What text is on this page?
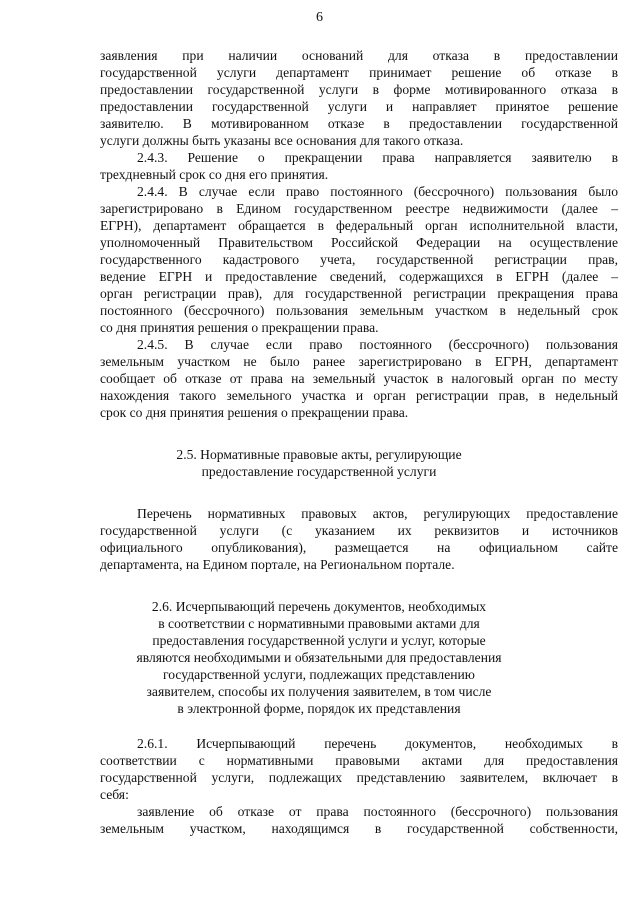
6
заявления при наличии оснований для отказа в предоставлении
государственной услуги департамент принимает решение об отказе в
предоставлении государственной услуги в форме мотивированного отказа в
предоставлении государственной услуги и направляет принятое решение
заявителю. В мотивированном отказе в предоставлении государственной
услуги должны быть указаны все основания для такого отказа.
2.4.3. Решение о прекращении права направляется заявителю в
трехдневный срок со дня его принятия.
2.4.4. В случае если право постоянного (бессрочного) пользования было
зарегистрировано в Едином государственном реестре недвижимости (далее –
ЕГРН), департамент обращается в федеральный орган исполнительной власти,
уполномоченный Правительством Российской Федерации на осуществление
государственного кадастрового учета, государственной регистрации прав,
ведение ЕГРН и предоставление сведений, содержащихся в ЕГРН (далее –
орган регистрации прав), для государственной регистрации прекращения права
постоянного (бессрочного) пользования земельным участком в недельный срок
со дня принятия решения о прекращении права.
2.4.5. В случае если право постоянного (бессрочного) пользования
земельным участком не было ранее зарегистрировано в ЕГРН, департамент
сообщает об отказе от права на земельный участок в налоговый орган по месту
нахождения такого земельного участка и орган регистрации прав, в недельный
срок со дня принятия решения о прекращении права.
2.5. Нормативные правовые акты, регулирующие
предоставление государственной услуги
Перечень нормативных правовых актов, регулирующих предоставление
государственной услуги (с указанием их реквизитов и источников
официального опубликования), размещается на официальном сайте
департамента, на Едином портале, на Региональном портале.
2.6. Исчерпывающий перечень документов, необходимых
в соответствии с нормативными правовыми актами для
предоставления государственной услуги и услуг, которые
являются необходимыми и обязательными для предоставления
государственной услуги, подлежащих представлению
заявителем, способы их получения заявителем, в том числе
в электронной форме, порядок их представления
2.6.1. Исчерпывающий перечень документов, необходимых в
соответствии с нормативными правовыми актами для предоставления
государственной услуги, подлежащих представлению заявителем, включает в
себя:
заявление об отказе от права постоянного (бессрочного) пользования
земельным участком, находящимся в государственной собственности,
